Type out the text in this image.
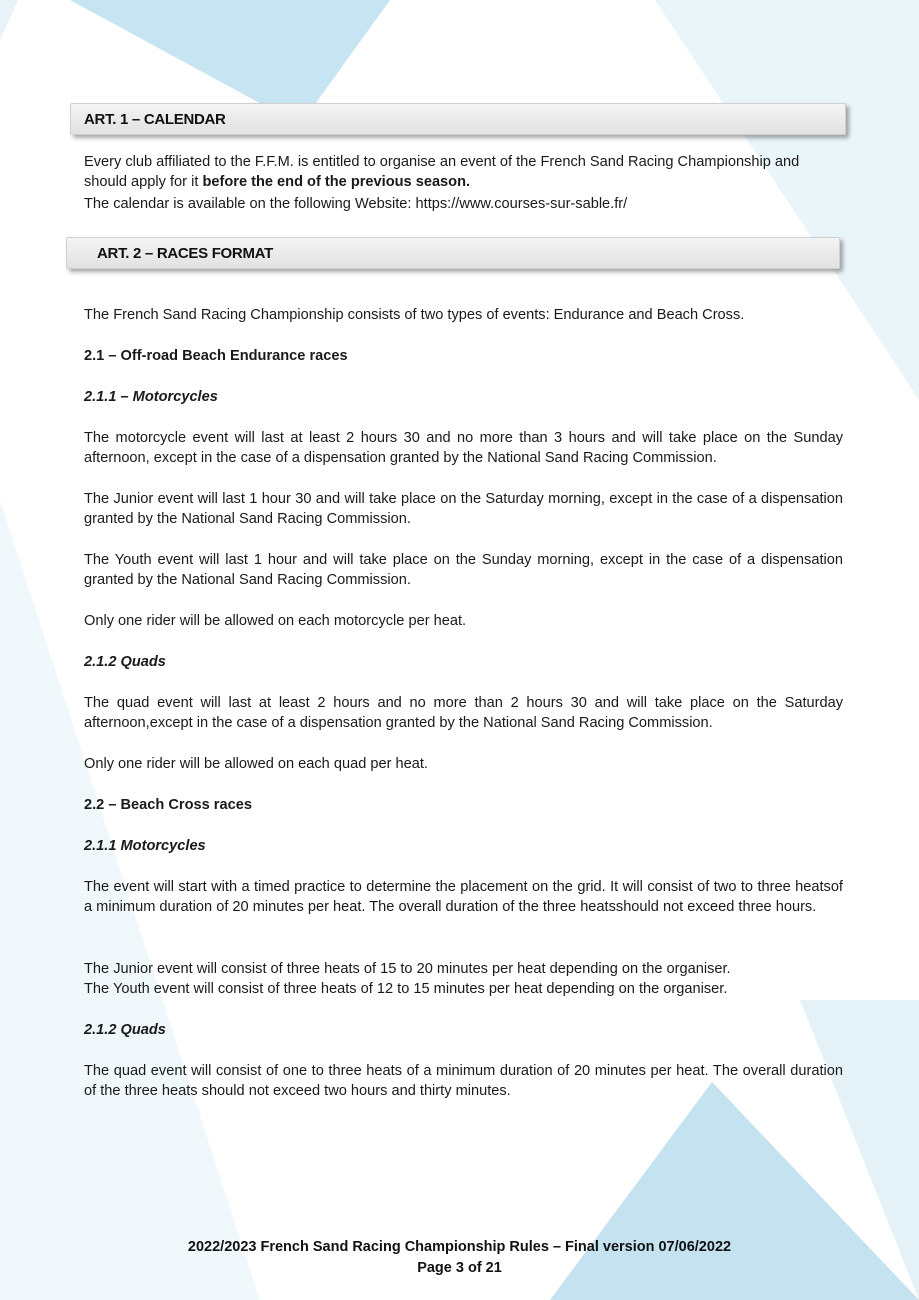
ART. 1 – CALENDAR

Every club affiliated to the F.F.M. is entitled to organise an event of the French Sand Racing Championship and should apply for it before the end of the previous season.

The calendar is available on the following Website: https://www.courses-sur-sable.fr/

ART. 2 – RACES FORMAT

The French Sand Racing Championship consists of two types of events: Endurance and Beach Cross.

2.1 – Off-road Beach Endurance races

2.1.1 – Motorcycles

The motorcycle event will last at least 2 hours 30 and no more than 3 hours and will take place on the Sunday afternoon, except in the case of a dispensation granted by the National Sand Racing Commission.

The Junior event will last 1 hour 30 and will take place on the Saturday morning, except in the case of a dispensation granted by the National Sand Racing Commission.

The Youth event will last 1 hour and will take place on the Sunday morning, except in the case of a dispensation granted by the National Sand Racing Commission.

Only one rider will be allowed on each motorcycle per heat.

2.1.2 Quads

The quad event will last at least 2 hours and no more than 2 hours 30 and will take place on the Saturday afternoon,except in the case of a dispensation granted by the National Sand Racing Commission.

Only one rider will be allowed on each quad per heat.

2.2 – Beach Cross races

2.1.1 Motorcycles

The event will start with a timed practice to determine the placement on the grid. It will consist of two to three heatsof a minimum duration of 20 minutes per heat. The overall duration of the three heatsshould not exceed three hours.

The Junior event will consist of three heats of 15 to 20 minutes per heat depending on the organiser.

The Youth event will consist of three heats of 12 to 15 minutes per heat depending on the organiser.

2.1.2 Quads

The quad event will consist of one to three heats of a minimum duration of 20 minutes per heat. The overall duration of the three heats should not exceed two hours and thirty minutes.

2022/2023 French Sand Racing Championship Rules – Final version 07/06/2022
Page 3 of 21
